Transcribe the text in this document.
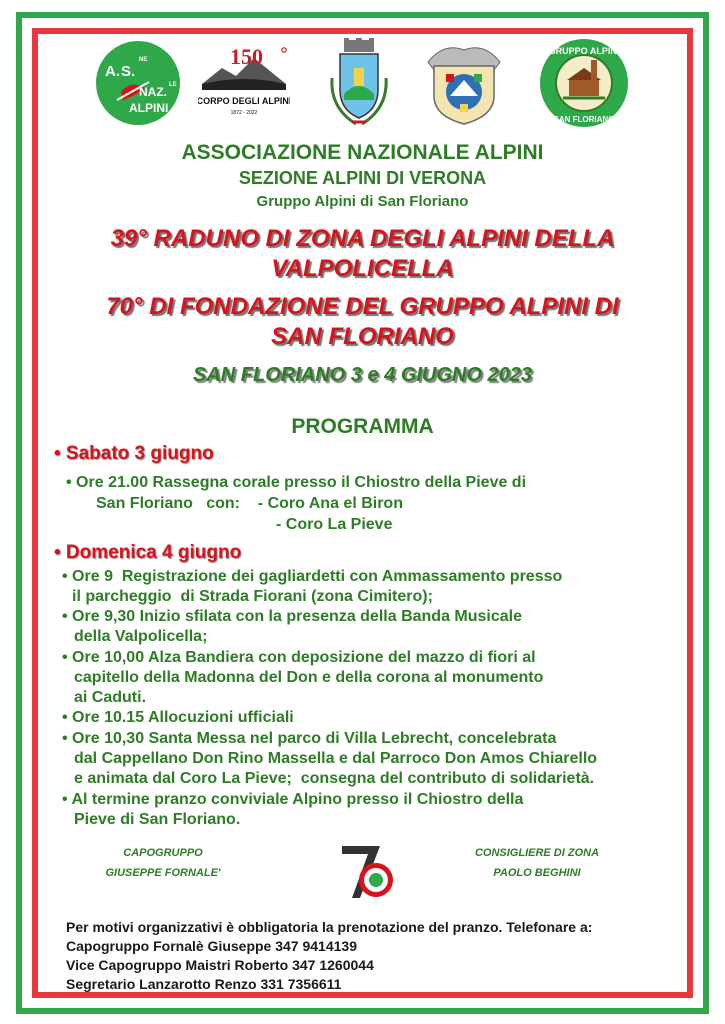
A. S.
NE
NAZ. LE
ALPINI
150
CORPO DEGLI ALPINI
1872 - 2022
GRUPPO ALPINI
SAN FLORIANO
ASSOCIAZIONE NAZIONALE ALPINI
SEZIONE ALPINI DI VERONA
Gruppo Alpini di San Floriano
39° RADUNO DI ZONA DEGLI ALPINI DELLA
VALPOLICELLA
70° DI FONDAZIONE DEL GRUPPO ALPINI DI
SAN FLORIANO
SAN FLORIANO 3 e 4 GIUGNO 2023
PROGRAMMA
• Sabato 3 giugno
• Ore 21.00 Rassegna corale presso il Chiostro della Pieve di
San Floriano   con:    - Coro Ana el Biron
- Coro La Pieve
• Domenica 4 giugno
• Ore 9  Registrazione dei gagliardetti con Ammassamento presso
il parcheggio  di Strada Fiorani (zona Cimitero);
• Ore 9,30 Inizio sfilata con la presenza della Banda Musicale
della Valpolicella;
• Ore 10,00 Alza Bandiera con deposizione del mazzo di fiori al
capitello della Madonna del Don e della corona al monumento
ai Caduti.
• Ore 10.15 Allocuzioni ufficiali
• Ore 10,30 Santa Messa nel parco di Villa Lebrecht, concelebrata
dal Cappellano Don Rino Massella e dal Parroco Don Amos Chiarello
e animata dal Coro La Pieve;  consegna del contributo di solidarietà.
• Al termine pranzo conviviale Alpino presso il Chiostro della
Pieve di San Floriano.
CAPOGRUPPO
GIUSEPPE FORNALE'
CONSIGLIERE DI ZONA
PAOLO BEGHINI
Per motivi organizzativi è obbligatoria la prenotazione del pranzo. Telefonare a:
Capogruppo Fornalè Giuseppe 347 9414139
Vice Capogruppo Maistri Roberto 347 1260044
Segretario Lanzarotto Renzo 331 7356611
